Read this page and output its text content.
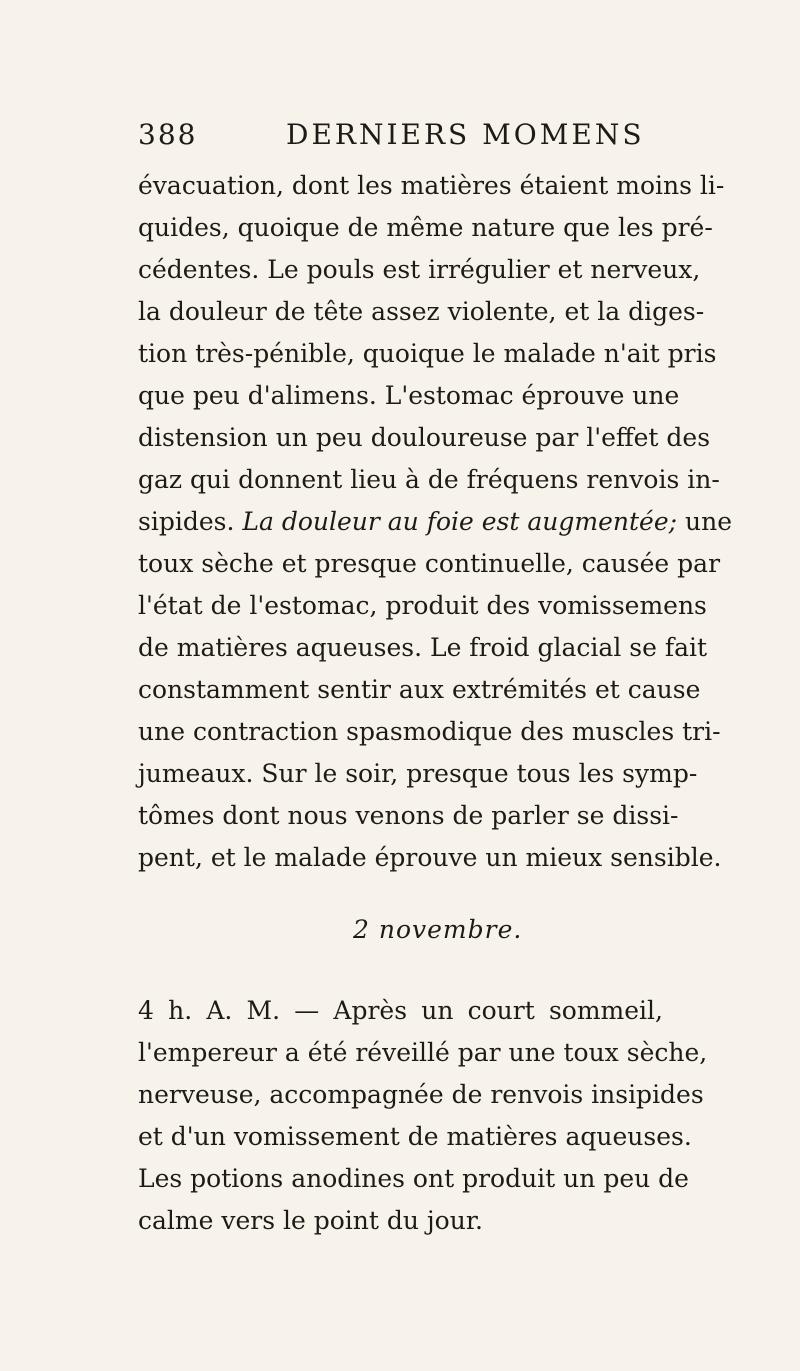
388	DERNIERS MOMENS
évacuation, dont les matières étaient moins li-
quides, quoique de même nature que les pré-
cédentes. Le pouls est irrégulier et nerveux,
la douleur de tête assez violente, et la diges-
tion très-pénible, quoique le malade n'ait pris
que peu d'alimens. L'estomac éprouve une
distension un peu douloureuse par l'effet des
gaz qui donnent lieu à de fréquens renvois in-
sipides. La douleur au foie est augmentée; une
toux sèche et presque continuelle, causée par
l'état de l'estomac, produit des vomissemens
de matières aqueuses. Le froid glacial se fait
constamment sentir aux extrémités et cause
une contraction spasmodique des muscles tri-
jumeaux. Sur le soir, presque tous les symp-
tômes dont nous venons de parler se dissi-
pent, et le malade éprouve un mieux sensible.
2 novembre.
4 h. A. M. — Après un court sommeil,
l'empereur a été réveillé par une toux sèche,
nerveuse, accompagnée de renvois insipides
et d'un vomissement de matières aqueuses.
Les potions anodines ont produit un peu de
calme vers le point du jour.
